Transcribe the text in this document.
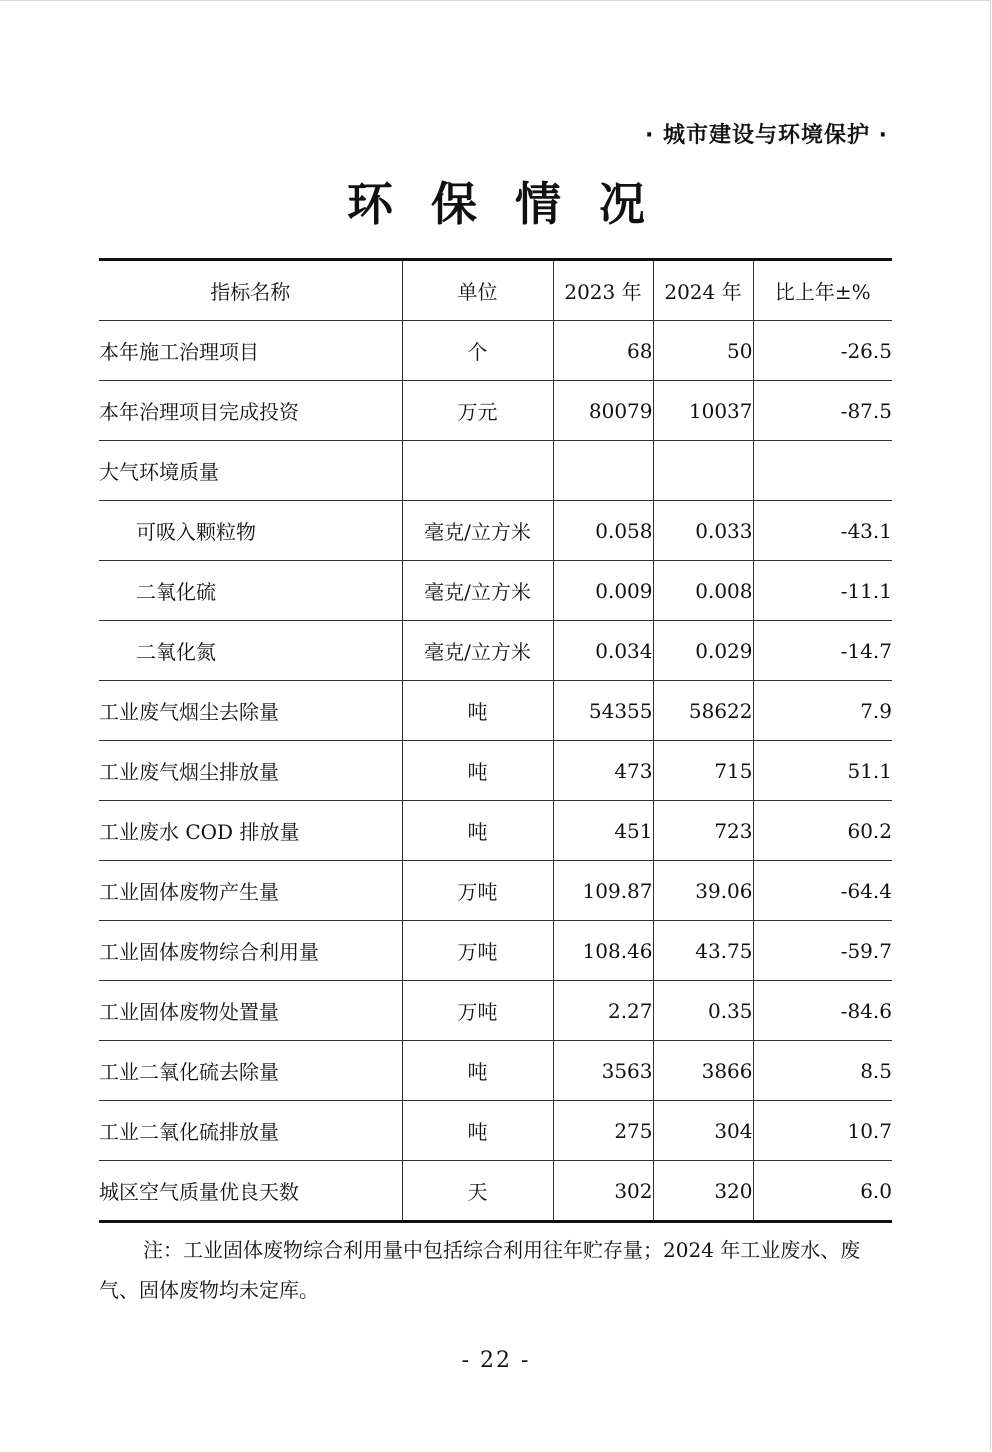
· 城市建设与环境保护 ·
环保情况
指标名称	单位	2023 年	2024 年	比上年±%
本年施工治理项目	个	68	50	-26.5
本年治理项目完成投资	万元	80079	10037	-87.5
大气环境质量				
可吸入颗粒物	毫克/立方米	0.058	0.033	-43.1
二氧化硫	毫克/立方米	0.009	0.008	-11.1
二氧化氮	毫克/立方米	0.034	0.029	-14.7
工业废气烟尘去除量	吨	54355	58622	7.9
工业废气烟尘排放量	吨	473	715	51.1
工业废水 COD 排放量	吨	451	723	60.2
工业固体废物产生量	万吨	109.87	39.06	-64.4
工业固体废物综合利用量	万吨	108.46	43.75	-59.7
工业固体废物处置量	万吨	2.27	0.35	-84.6
工业二氧化硫去除量	吨	3563	3866	8.5
工业二氧化硫排放量	吨	275	304	10.7
城区空气质量优良天数	天	302	320	6.0
注：工业固体废物综合利用量中包括综合利用往年贮存量；2024 年工业废水、废气、固体废物均未定库。
- 22 -
